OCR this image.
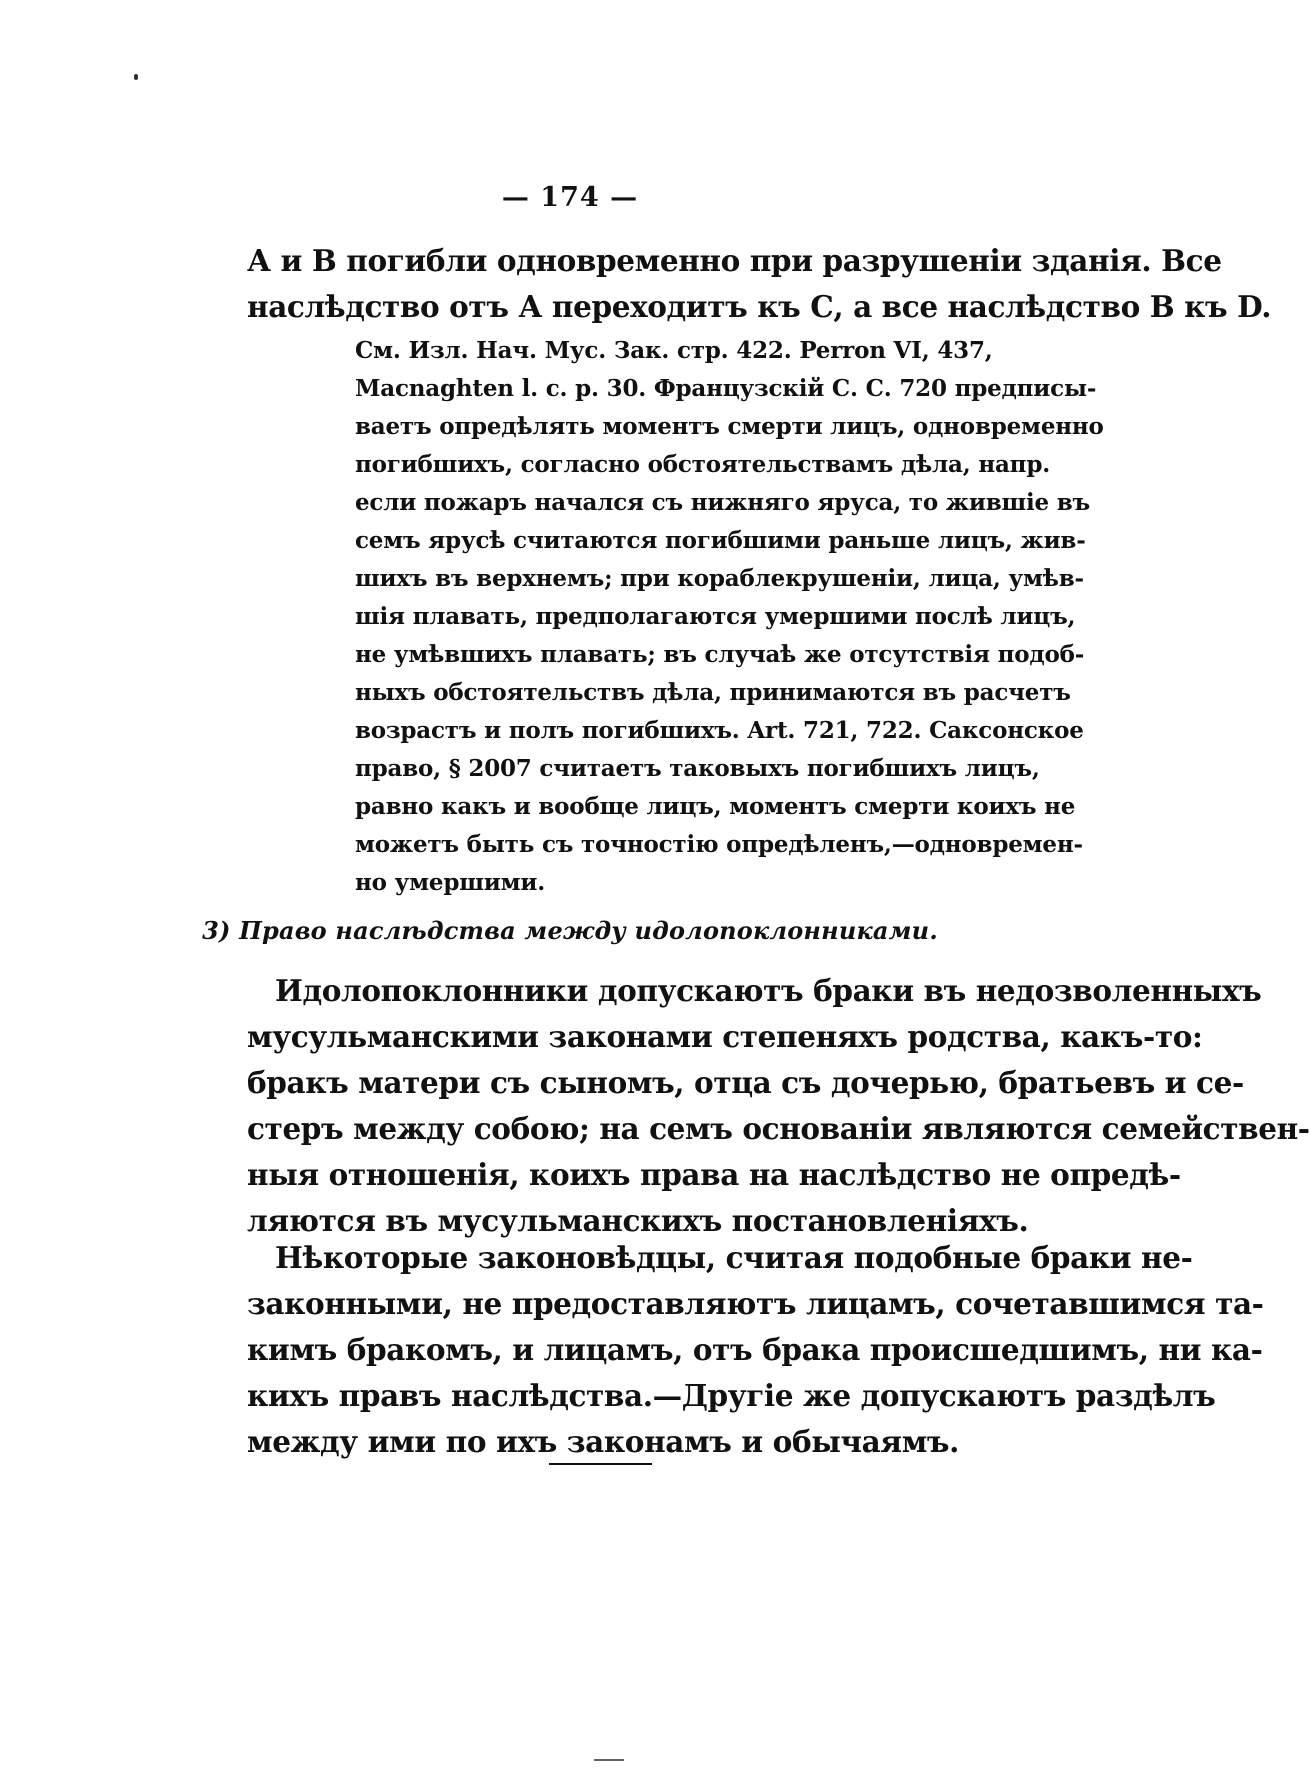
— 174 —
А и В погибли одновременно при разрушеніи зданія. Все
наслѣдство отъ А переходитъ къ С, а все наслѣдство В къ D.
См. Изл. Нач. Мус. Зак. стр. 422. Perron VI, 437,
Macnaghten l. c. p. 30. Французскій С. С. 720 предписы-
ваетъ опредѣлять моментъ смерти лицъ, одновременно
погибшихъ, согласно обстоятельствамъ дѣла, напр.
если пожаръ начался съ нижняго яруса, то жившіе въ
семъ ярусѣ считаются погибшими раньше лицъ, жив-
шихъ въ верхнемъ; при кораблекрушеніи, лица, умѣв-
шія плавать, предполагаются умершими послѣ лицъ,
не умѣвшихъ плавать; въ случаѣ же отсутствія подоб-
ныхъ обстоятельствъ дѣла, принимаются въ расчетъ
возрастъ и полъ погибшихъ. Art. 721, 722. Саксонское
право, § 2007 считаетъ таковыхъ погибшихъ лицъ,
равно какъ и вообще лицъ, моментъ смерти коихъ не
можетъ быть съ точностію опредѣленъ,—одновремен-
но умершими.
3) Право наслѣдства между идолопоклонниками.
Идолопоклонники допускаютъ браки въ недозволенныхъ
мусульманскими законами степеняхъ родства, какъ-то:
бракъ матери съ сыномъ, отца съ дочерью, братьевъ и се-
стеръ между собою; на семъ основаніи являются семействен-
ныя отношенія, коихъ права на наслѣдство не опредѣ-
ляются въ мусульманскихъ постановленіяхъ.
Нѣкоторые законовѣдцы, считая подобные браки не-
законными, не предоставляютъ лицамъ, сочетавшимся та-
кимъ бракомъ, и лицамъ, отъ брака происшедшимъ, ни ка-
кихъ правъ наслѣдства.—Другіе же допускаютъ раздѣлъ
между ими по ихъ законамъ и обычаямъ.
